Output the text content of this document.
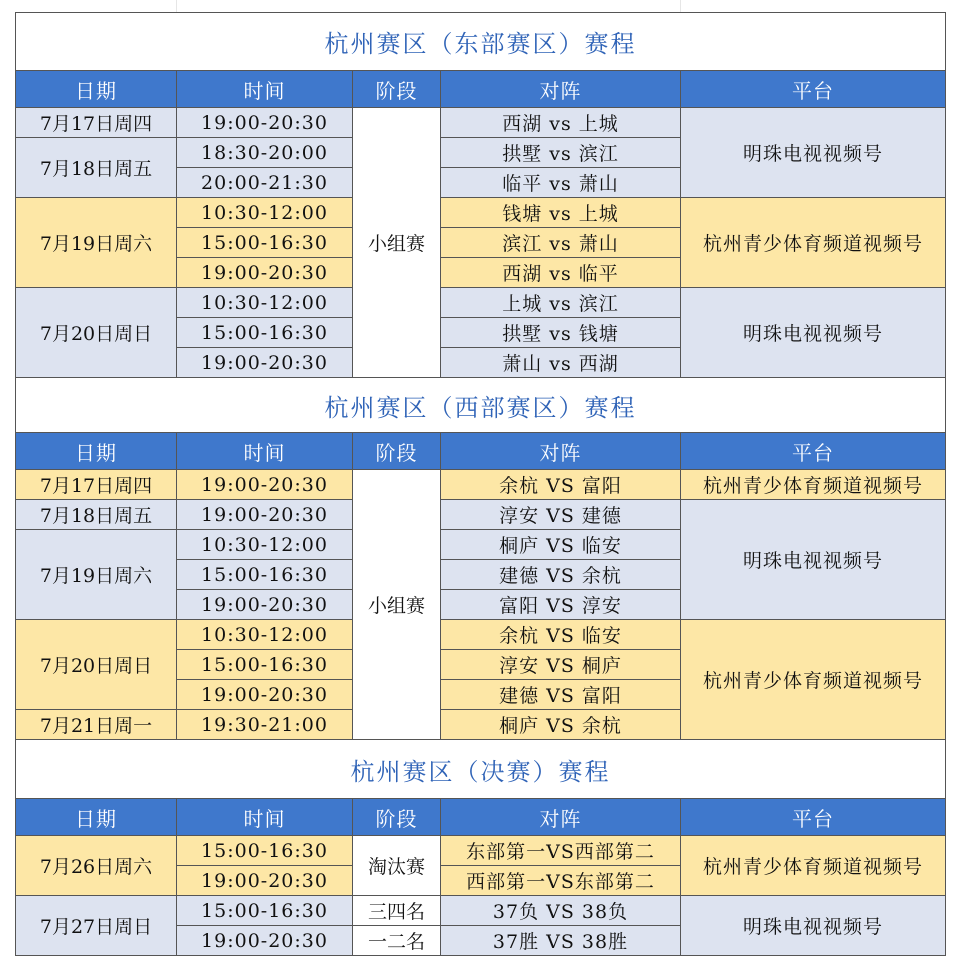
杭州赛区（东部赛区）赛程				
日期	时间	阶段	对阵	平台
7月17日周四	19:00-20:30	小组赛	西湖 vs 上城	明珠电视视频号
7月18日周五	18:30-20:00		拱墅 vs 滨江	
	20:00-21:30		临平 vs 萧山	
7月19日周六	10:30-12:00		钱塘 vs 上城	杭州青少体育频道视频号
	15:00-16:30		滨江 vs 萧山	
	19:00-20:30		西湖 vs 临平	
7月20日周日	10:30-12:00		上城 vs 滨江	明珠电视视频号
	15:00-16:30		拱墅 vs 钱塘	
	19:00-20:30		萧山 vs 西湖	
杭州赛区（西部赛区）赛程				
日期	时间	阶段	对阵	平台
7月17日周四	19:00-20:30	小组赛	余杭 VS 富阳	杭州青少体育频道视频号
7月18日周五	19:00-20:30		淳安 VS 建德	明珠电视视频号
7月19日周六	10:30-12:00		桐庐 VS 临安	
	15:00-16:30		建德 VS 余杭	
	19:00-20:30		富阳 VS 淳安	
7月20日周日	10:30-12:00		余杭 VS 临安	杭州青少体育频道视频号
	15:00-16:30		淳安 VS 桐庐	
	19:00-20:30		建德 VS 富阳	
7月21日周一	19:30-21:00		桐庐 VS 余杭	
杭州赛区（决赛）赛程				
日期	时间	阶段	对阵	平台
7月26日周六	15:00-16:30	淘汰赛	东部第一VS西部第二	杭州青少体育频道视频号
	19:00-20:30		西部第一VS东部第二	
7月27日周日	15:00-16:30	三四名	37负 VS 38负	明珠电视视频号
	19:00-20:30	一二名	37胜 VS 38胜	
